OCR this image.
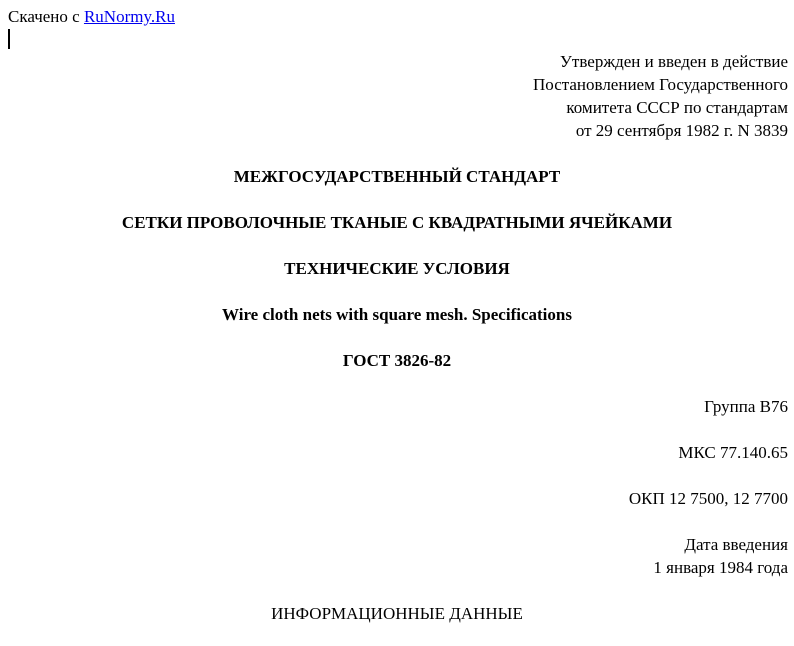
Скачено с RuNormy.Ru
Утвержден и введен в действие
Постановлением Государственного
комитета СССР по стандартам
от 29 сентября 1982 г. N 3839
МЕЖГОСУДАРСТВЕННЫЙ СТАНДАРТ
СЕТКИ ПРОВОЛОЧНЫЕ ТКАНЫЕ С КВАДРАТНЫМИ ЯЧЕЙКАМИ
ТЕХНИЧЕСКИЕ УСЛОВИЯ
Wire cloth nets with square mesh. Specifications
ГОСТ 3826-82
Группа В76
МКС 77.140.65
ОКП 12 7500, 12 7700
Дата введения
1 января 1984 года
ИНФОРМАЦИОННЫЕ ДАННЫЕ
